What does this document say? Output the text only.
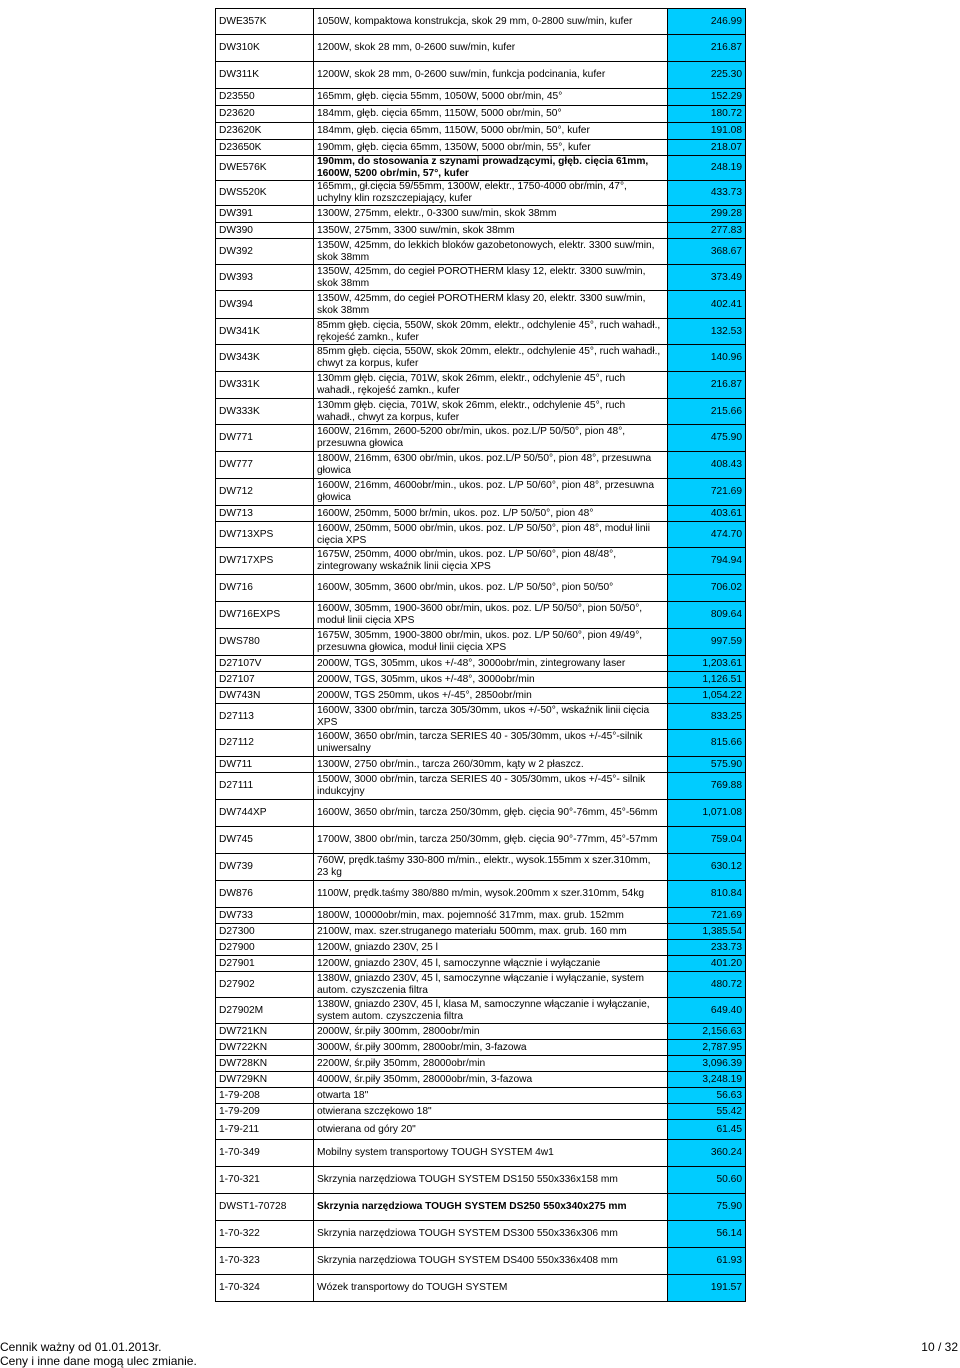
DWE357K	1050W, kompaktowa konstrukcja, skok 29 mm, 0-2800 suw/min, kufer	246.99
DW310K	1200W, skok 28 mm, 0-2600 suw/min, kufer	216.87
DW311K	1200W, skok 28 mm, 0-2600 suw/min, funkcja podcinania, kufer	225.30
D23550	165mm, głęb. cięcia 55mm, 1050W, 5000 obr/min, 45°	152.29
D23620	184mm, głęb. cięcia 65mm, 1150W, 5000 obr/min, 50°	180.72
D23620K	184mm, głęb. cięcia 65mm, 1150W, 5000 obr/min, 50°, kufer	191.08
D23650K	190mm, głęb. cięcia 65mm, 1350W, 5000 obr/min, 55°, kufer	218.07
DWE576K	190mm, do stosowania z szynami prowadzącymi, głęb. cięcia 61mm, 1600W, 5200 obr/min, 57°, kufer	248.19
DWS520K	165mm,, gł.cięcia 59/55mm, 1300W, elektr., 1750-4000 obr/min, 47°, uchylny klin rozszczepiający, kufer	433.73
DW391	1300W, 275mm, elektr., 0-3300 suw/min, skok 38mm	299.28
DW390	1350W, 275mm, 3300 suw/min, skok 38mm	277.83
DW392	1350W, 425mm, do lekkich bloków gazobetonowych, elektr. 3300 suw/min, skok 38mm	368.67
DW393	1350W, 425mm, do cegieł POROTHERM klasy 12, elektr. 3300 suw/min, skok 38mm	373.49
DW394	1350W, 425mm, do cegieł POROTHERM klasy 20, elektr. 3300 suw/min, skok 38mm	402.41
DW341K	85mm głęb. cięcia, 550W, skok 20mm, elektr., odchylenie 45°, ruch wahadł., rękojeść zamkn., kufer	132.53
DW343K	85mm głęb. cięcia, 550W, skok 20mm, elektr., odchylenie 45°, ruch wahadł., chwyt za korpus, kufer	140.96
DW331K	130mm głęb. cięcia, 701W, skok 26mm, elektr., odchylenie 45°, ruch wahadł., rękojeść zamkn., kufer	216.87
DW333K	130mm głęb. cięcia, 701W, skok 26mm, elektr., odchylenie 45°, ruch wahadł., chwyt za korpus, kufer	215.66
DW771	1600W, 216mm, 2600-5200 obr/min, ukos. poz.L/P 50/50°, pion 48°, przesuwna głowica	475.90
DW777	1800W, 216mm, 6300 obr/min, ukos. poz.L/P 50/50°, pion 48°, przesuwna głowica	408.43
DW712	1600W, 216mm, 4600obr/min., ukos. poz. L/P 50/60°, pion 48°, przesuwna głowica	721.69
DW713	1600W, 250mm, 5000 br/min, ukos. poz. L/P 50/50°, pion 48°	403.61
DW713XPS	1600W, 250mm, 5000 obr/min, ukos. poz. L/P 50/50°, pion 48°, moduł linii cięcia XPS	474.70
DW717XPS	1675W, 250mm, 4000 obr/min, ukos. poz. L/P 50/60°, pion 48/48°, zintegrowany wskaźnik linii cięcia XPS	794.94
DW716	1600W, 305mm, 3600 obr/min, ukos. poz. L/P 50/50°, pion 50/50°	706.02
DW716EXPS	1600W, 305mm, 1900-3600 obr/min, ukos. poz. L/P 50/50°, pion 50/50°, moduł linii cięcia XPS	809.64
DWS780	1675W, 305mm, 1900-3800 obr/min, ukos. poz. L/P 50/60°, pion 49/49°, przesuwna głowica, moduł linii cięcia XPS	997.59
D27107V	2000W, TGS, 305mm, ukos +/-48°, 3000obr/min, zintegrowany laser	1,203.61
D27107	2000W, TGS, 305mm, ukos +/-48°, 3000obr/min	1,126.51
DW743N	2000W, TGS 250mm, ukos +/-45°, 2850obr/min	1,054.22
D27113	1600W, 3300 obr/min, tarcza 305/30mm, ukos +/-50°, wskaźnik linii cięcia XPS	833.25
D27112	1600W, 3650 obr/min, tarcza SERIES 40 - 305/30mm, ukos +/-45°-silnik uniwersalny	815.66
DW711	1300W, 2750 obr/min., tarcza 260/30mm, kąty w 2 płaszcz.	575.90
D27111	1500W, 3000 obr/min, tarcza SERIES 40 - 305/30mm, ukos +/-45°- silnik indukcyjny	769.88
DW744XP	1600W, 3650 obr/min, tarcza 250/30mm, głęb. cięcia 90°-76mm, 45°-56mm	1,071.08
DW745	1700W, 3800 obr/min, tarcza 250/30mm, głęb. cięcia 90°-77mm, 45°-57mm	759.04
DW739	760W, prędk.taśmy 330-800 m/min., elektr., wysok.155mm x szer.310mm, 23 kg	630.12
DW876	1100W, prędk.taśmy 380/880 m/min, wysok.200mm x szer.310mm, 54kg	810.84
DW733	1800W, 10000obr/min, max. pojemność 317mm, max. grub. 152mm	721.69
D27300	2100W, max. szer.struganego materiału 500mm, max. grub. 160 mm	1,385.54
D27900	1200W, gniazdo 230V, 25 l	233.73
D27901	1200W, gniazdo 230V, 45 l, samoczynne włącznie i wyłączanie	401.20
D27902	1380W, gniazdo 230V, 45 l, samoczynne włączanie i wyłączanie, system autom. czyszczenia filtra	480.72
D27902M	1380W, gniazdo 230V, 45 l, klasa M, samoczynne włączanie i wyłączanie, system autom. czyszczenia filtra	649.40
DW721KN	2000W, śr.piły 300mm, 2800obr/min	2,156.63
DW722KN	3000W, śr.piły 300mm, 2800obr/min, 3-fazowa	2,787.95
DW728KN	2200W, śr.piły 350mm, 28000obr/min	3,096.39
DW729KN	4000W, śr.piły 350mm, 28000obr/min, 3-fazowa	3,248.19
1-79-208	otwarta 18"	56.63
1-79-209	otwierana szczękowo 18"	55.42
1-79-211	otwierana od góry 20"	61.45
1-70-349	Mobilny system transportowy TOUGH SYSTEM 4w1	360.24
1-70-321	Skrzynia narzędziowa TOUGH SYSTEM DS150 550x336x158 mm	50.60
DWST1-70728	Skrzynia narzędziowa TOUGH SYSTEM DS250 550x340x275 mm	75.90
1-70-322	Skrzynia narzędziowa TOUGH SYSTEM DS300 550x336x306 mm	56.14
1-70-323	Skrzynia narzędziowa TOUGH SYSTEM DS400 550x336x408 mm	61.93
1-70-324	Wózek transportowy do TOUGH SYSTEM	191.57
Cennik ważny od 01.01.2013r.
Ceny i inne dane mogą ulec zmianie.
10 / 32
